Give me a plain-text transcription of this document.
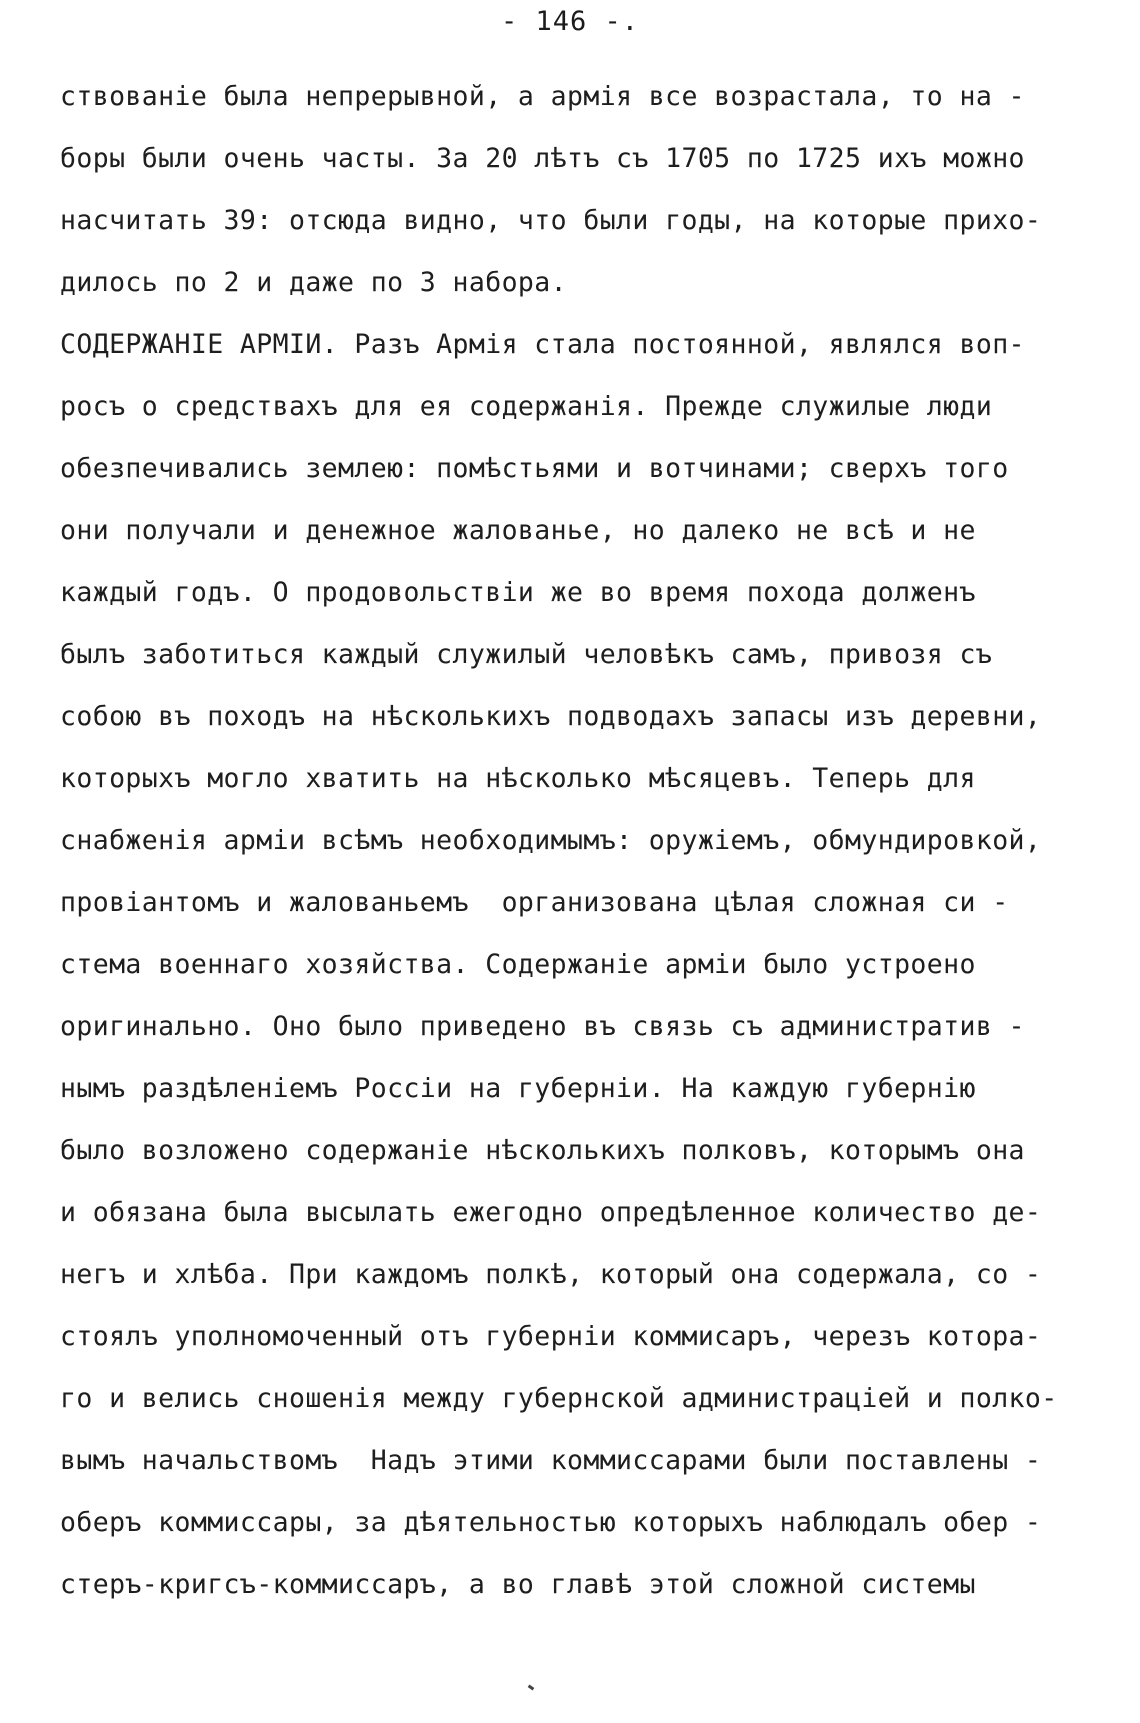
- 146 -.
ствованіе была непрерывной, а армія все возрастала, то на -
боры были очень часты. За 20 лѣтъ съ 1705 по 1725 ихъ можно
насчитать 39: отсюда видно, что были годы, на которые прихо-
дилось по 2 и даже по 3 набора.
СОДЕРЖАНІЕ АРМІИ. Разъ Армія стала постоянной, являлся воп-
росъ о средствахъ для ея содержанія. Прежде служилые люди
обезпечивались землею: помѣстьями и вотчинами; сверхъ того
они получали и денежное жалованье, но далеко не всѣ и не
каждый годъ. О продовольствіи же во время похода долженъ
былъ заботиться каждый служилый человѣкъ самъ, привозя съ
собою въ походъ на нѣсколькихъ подводахъ запасы изъ деревни,
которыхъ могло хватить на нѣсколько мѣсяцевъ. Теперь для
снабженія арміи всѣмъ необходимымъ: оружіемъ, обмундировкой,
провіантомъ и жалованьемъ  организована цѣлая сложная си -
стема военнаго хозяйства. Содержаніе арміи было устроено
оригинально. Оно было приведено въ связь съ административ -
нымъ раздѣленіемъ Россіи на губерніи. На каждую губернію
было возложено содержаніе нѣсколькихъ полковъ, которымъ она
и обязана была высылать ежегодно опредѣленное количество де-
негъ и хлѣба. При каждомъ полкѣ, который она содержала, со -
стоялъ уполномоченный отъ губерніи коммисаръ, черезъ котора-
го и велись сношенія между губернской администраціей и полко-
вымъ начальствомъ  Надъ этими коммиссарами были поставлены -
оберъ коммиссары, за дѣятельностью которыхъ наблюдалъ обер -
стеръ-кригсъ-коммиссаръ, а во главѣ этой сложной системы
